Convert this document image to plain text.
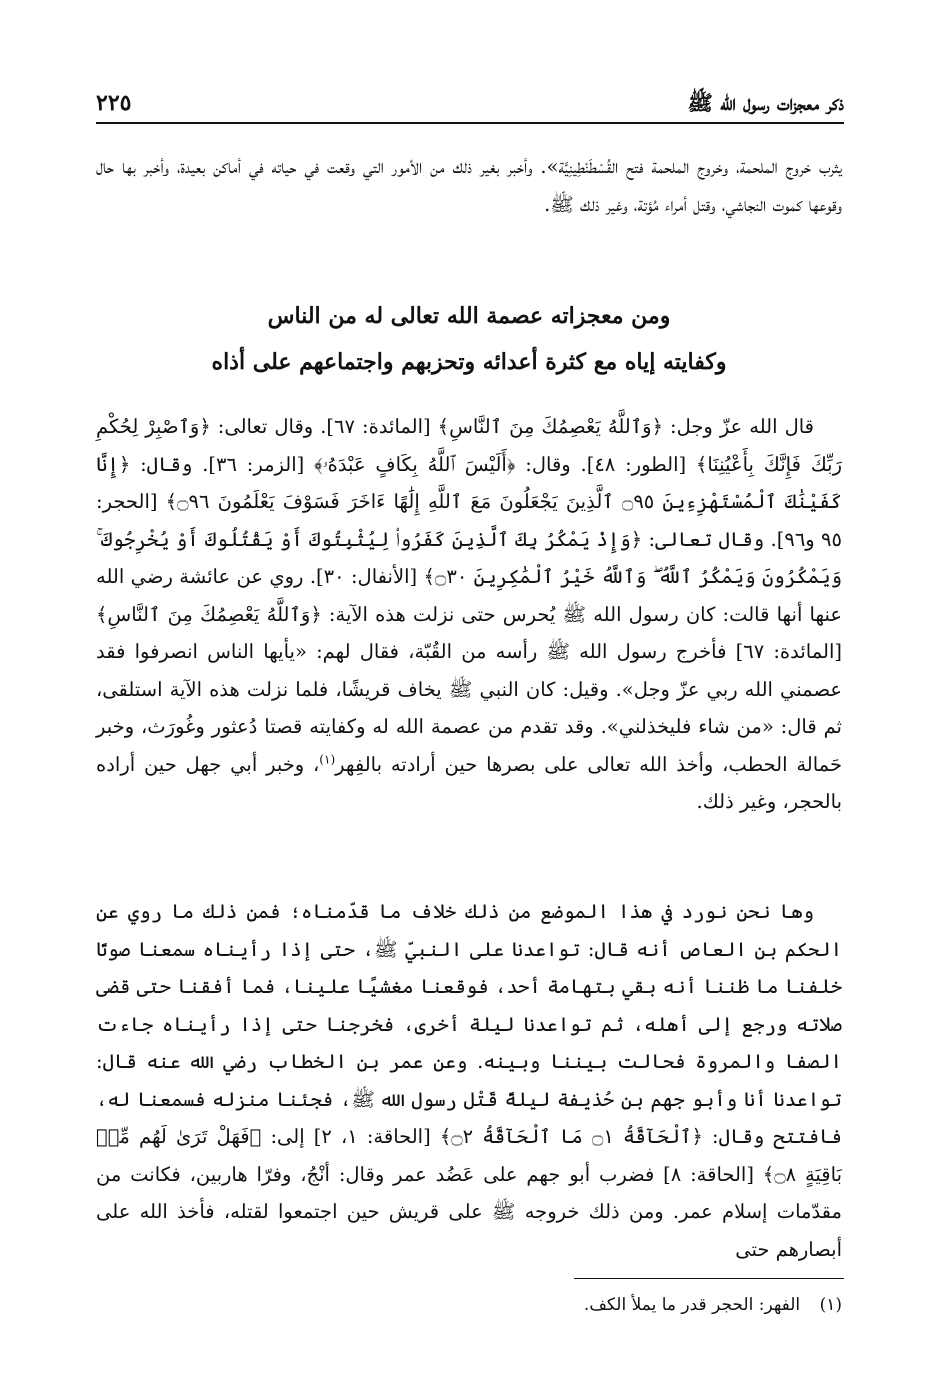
٢٢٥	ذكر معجزات رسول الله ﷺ

يثرب خروج الملحمة، وخروج الملحمة فتح القُسْطَنْطِينِيَّة». وأخبر بغير ذلك من الأمور التي وقعت في حياته في أماكن بعيدة، وأخبر بها حال وقوعها كموت النجاشي، وقتل أمراء مُؤتة، وغير ذلك ﷺ.

ومن معجزاته عصمة الله تعالى له من الناس
وكفايته إياه مع كثرة أعدائه وتحزبهم واجتماعهم على أذاه

قال الله عزّ وجل: ﴿وَٱللَّهُ يَعْصِمُكَ مِنَ ٱلنَّاسِ﴾ [المائدة: ٦٧]. وقال تعالى: ﴿وَٱصْبِرْ لِحُكْمِ رَبِّكَ فَإِنَّكَ بِأَعْيُنِنَا﴾ [الطور: ٤٨]. وقال: ﴿أَلَيْسَ ٱللَّهُ بِكَافٍ عَبْدَهُۥ﴾ [الزمر: ٣٦]. وقال: ﴿إِنَّا كَفَيْنَٰكَ ٱلْمُسْتَهْزِءِينَ ۝٩٥ ٱلَّذِينَ يَجْعَلُونَ مَعَ ٱللَّهِ إِلَٰهًا ءَاخَرَ فَسَوْفَ يَعْلَمُونَ ۝٩٦﴾ [الحجر: ٩٥ و٩٦]. وقال تعالى: ﴿وَإِذْ يَمْكُرُ بِكَ ٱلَّذِينَ كَفَرُوا۟ لِيُثْبِتُوكَ أَوْ يَقْتُلُوكَ أَوْ يُخْرِجُوكَ ۚ وَيَمْكُرُونَ وَيَمْكُرُ ٱللَّهُ ۖ وَٱللَّهُ خَيْرُ ٱلْمَٰكِرِينَ ۝٣٠﴾ [الأنفال: ٣٠]. روي عن عائشة رضي الله عنها أنها قالت: كان رسول الله ﷺ يُحرس حتى نزلت هذه الآية: ﴿وَٱللَّهُ يَعْصِمُكَ مِنَ ٱلنَّاسِ﴾ [المائدة: ٦٧] فأخرج رسول الله ﷺ رأسه من القُبّة، فقال لهم: «يأيها الناس انصرفوا فقد عصمني الله ربي عزّ وجل». وقيل: كان النبي ﷺ يخاف قريشًا، فلما نزلت هذه الآية استلقى، ثم قال: «من شاء فليخذلني». وقد تقدم من عصمة الله له وكفايته قصتا دُعثور وغُورَث، وخبر حَمالة الحطب، وأخذ الله تعالى على بصرها حين أرادته بالفِهر$^{(١)}$، وخبر أبي جهل حين أراده بالحجر، وغير ذلك.

وها نحن نورد في هذا الموضع من ذلك خلاف ما قدّمناه؛ فمن ذلك ما روي عن الحكم بن العاص أنه قال: تواعدنا على النبيّ ﷺ، حتى إذا رأيناه سمعنا صوتًا خلفنا ما ظننا أنه بقي بتهامة أحد، فوقعنا مغشيًا علينا، فما أفقنا حتى قضى صلاته ورجع إلى أهله، ثم تواعدنا ليلة أخرى، فخرجنا حتى إذا رأيناه جاءت الصفا والمروة فحالت بيننا وبينه. وعن عمر بن الخطاب رضي الله عنه قال: تواعدنا أنا وأبو جهم بن حُذيفة ليلةً قَتْل رسول الله ﷺ، فجئنا منزله فسمعنا له، فافتتح وقال: ﴿ٱلْحَآقَّةُ ۝١ مَا ٱلْحَآقَّةُ ۝٢﴾ [الحاقة: ١، ٢] إلى: ﴿فَهَلْ تَرَىٰ لَهُم مِّنۢ بَاقِيَةٍ ۝٨﴾ [الحاقة: ٨] فضرب أبو جهم على عَضُد عمر وقال: أنْجُ، وفرّا هاربين، فكانت من مقدّمات إسلام عمر. ومن ذلك خروجه ﷺ على قريش حين اجتمعوا لقتله، فأخذ الله على أبصارهم حتى

(١) الفهر: الحجر قدر ما يملأ الكف.
